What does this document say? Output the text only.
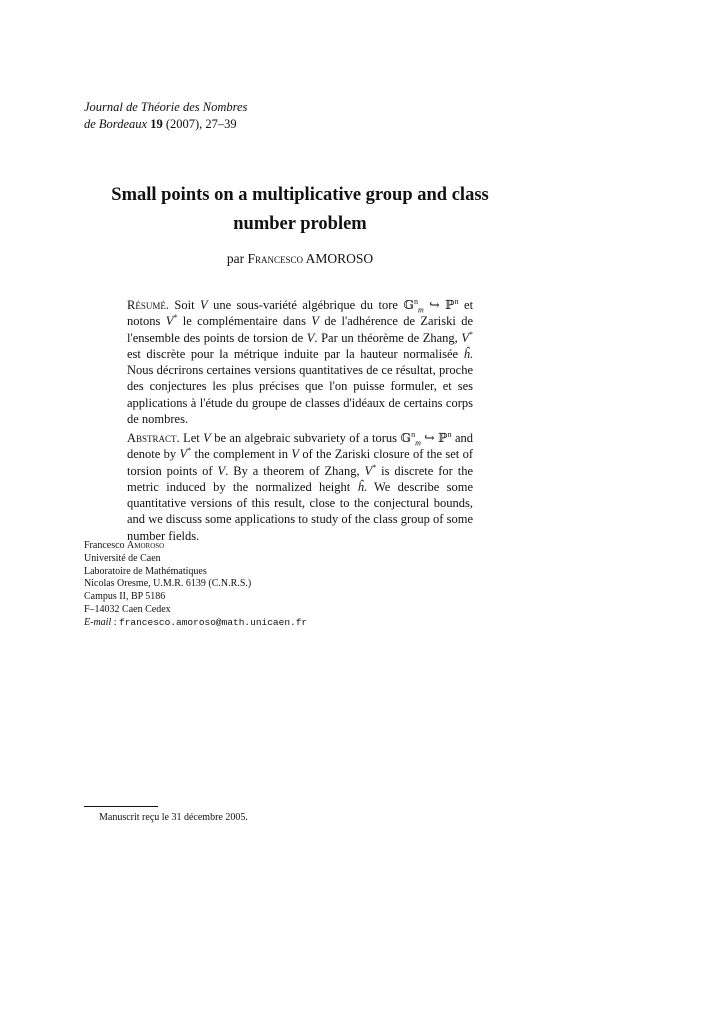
Journal de Théorie des Nombres
de Bordeaux 19 (2007), 27–39
Small points on a multiplicative group and class number problem
par Francesco AMOROSO
Résumé. Soit V une sous-variété algébrique du tore 𝔾$^n_m$ ↪ ℙ$^n$ et notons V* le complémentaire dans V de l'adhérence de Zariski de l'ensemble des points de torsion de V. Par un théorème de Zhang, V* est discrète pour la métrique induite par la hauteur normalisée ĥ. Nous décrirons certaines versions quantitatives de ce résultat, proche des conjectures les plus précises que l'on puisse formuler, et ses applications à l'étude du groupe de classes d'idéaux de certains corps de nombres.
Abstract. Let V be an algebraic subvariety of a torus 𝔾$^n_m$ ↪ ℙ$^n$ and denote by V* the complement in V of the Zariski closure of the set of torsion points of V. By a theorem of Zhang, V* is discrete for the metric induced by the normalized height ĥ. We describe some quantitative versions of this result, close to the conjectural bounds, and we discuss some applications to study of the class group of some number fields.
Francesco Amoroso
Université de Caen
Laboratoire de Mathématiques
Nicolas Oresme, U.M.R. 6139 (C.N.R.S.)
Campus II, BP 5186
F–14032 Caen Cedex
E-mail : francesco.amoroso@math.unicaen.fr
Manuscrit reçu le 31 décembre 2005.
